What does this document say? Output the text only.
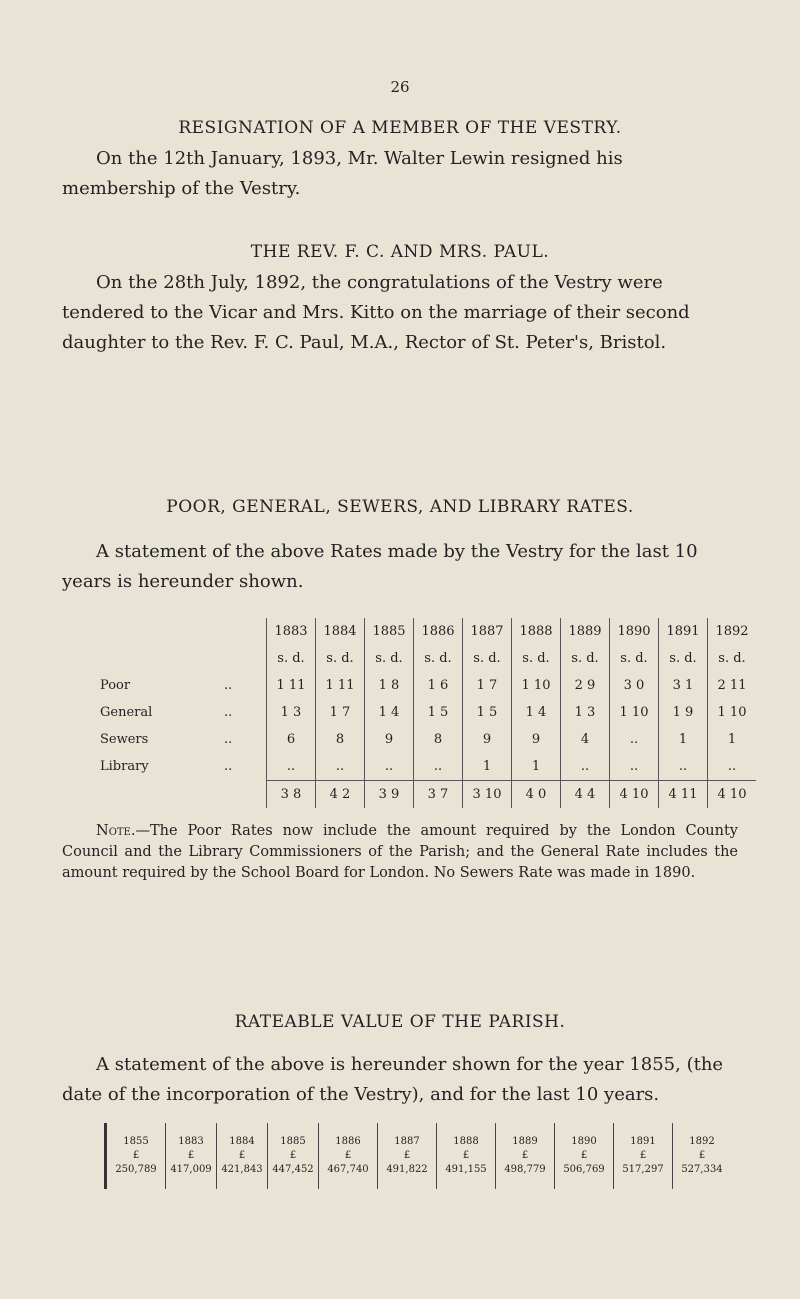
26
RESIGNATION OF A MEMBER OF THE VESTRY.
On the 12th January, 1893, Mr. Walter Lewin resigned his membership of the Vestry.
THE REV. F. C. AND MRS. PAUL.
On the 28th July, 1892, the congratulations of the Vestry were tendered to the Vicar and Mrs. Kitto on the marriage of their second daughter to the Rev. F. C. Paul, M.A., Rector of St. Peter's, Bristol.
POOR, GENERAL, SEWERS, AND LIBRARY RATES.
A statement of the above Rates made by the Vestry for the last 10 years is hereunder shown.
		1883	1884	1885	1886	1887	1888	1889	1890	1891	1892
		s. d.	s. d.	s. d.	s. d.	s. d.	s. d.	s. d.	s. d.	s. d.	s. d.
Poor	..	1 11	1 11	1 8	1 6	1 7	1 10	2 9	3 0	3 1	2 11
General	..	1 3	1 7	1 4	1 5	1 5	1 4	1 3	1 10	1 9	1 10
Sewers	..	6	8	9	8	9	9	4	..	1	1
Library	..	..	..	..	..	1	1	..	..	..	..
		3 8	4 2	3 9	3 7	3 10	4 0	4 4	4 10	4 11	4 10
Note.—The Poor Rates now include the amount required by the London County Council and the Library Commissioners of the Parish; and the General Rate includes the amount required by the School Board for London. No Sewers Rate was made in 1890.
RATEABLE VALUE OF THE PARISH.
A statement of the above is hereunder shown for the year 1855, (the date of the incorporation of the Vestry), and for the last 10 years.
1855
£
250,789

1883
£
417,009

1884
£
421,843

1885
£
447,452

1886
£
467,740

1887
£
491,822

1888
£
491,155

1889
£
498,779

1890
£
506,769

1891
£
517,297

1892
£
527,334
